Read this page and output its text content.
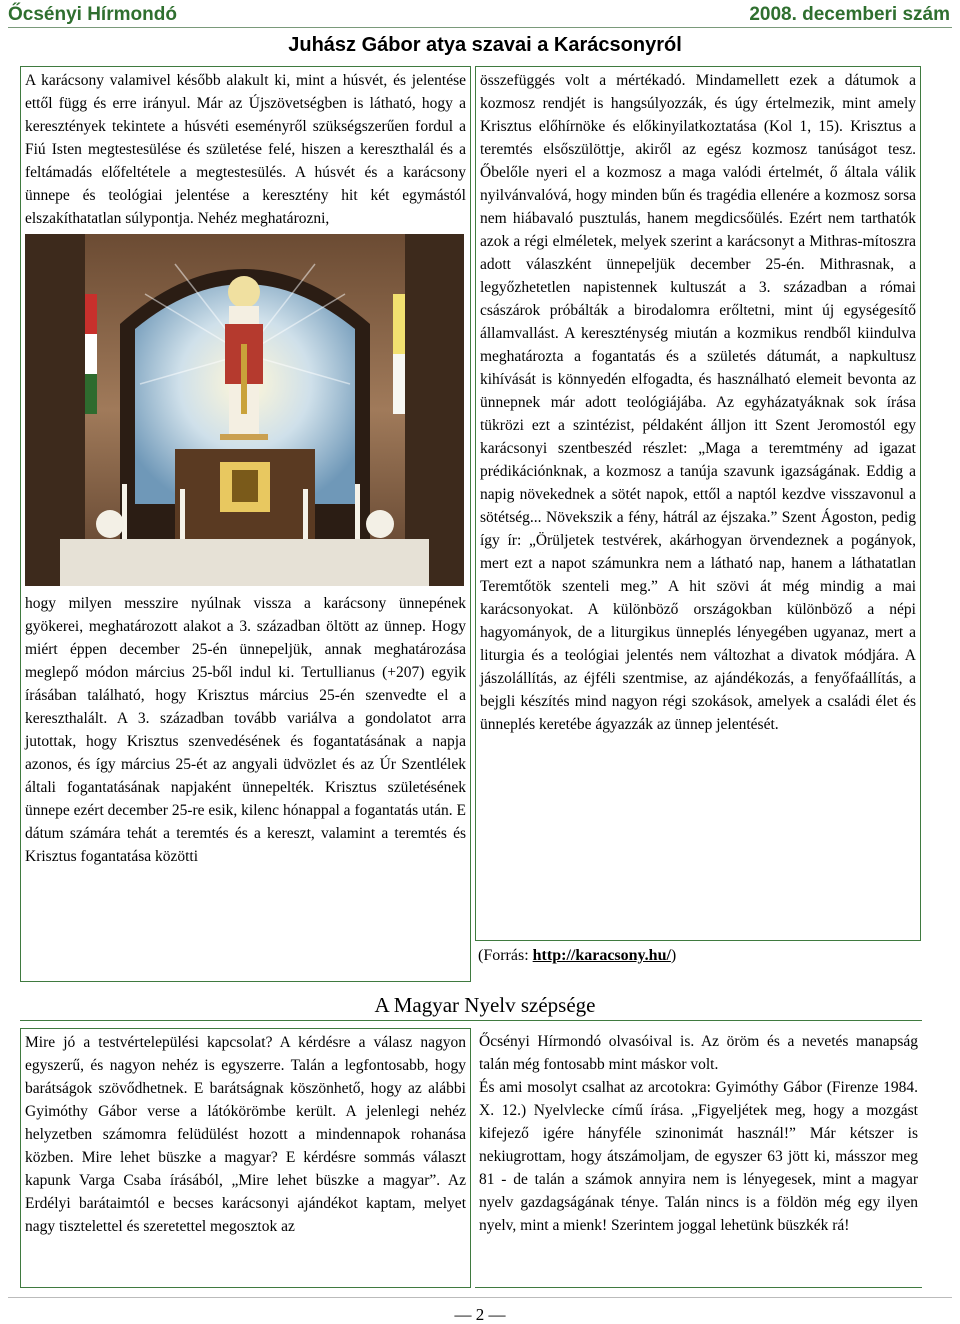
Őcsényi Hírmondó	2008. decemberi szám
Juhász Gábor atya szavai a Karácsonyról

A karácsony valamivel később alakult ki, mint a húsvét, és jelentése ettől függ és erre irányul. Már az Újszövetségben is látható, hogy a keresztények tekintete a húsvéti eseményről szükségszerűen fordul a Fiú Isten megtestesülése és születése felé, hiszen a kereszthalál és a feltámadás előfeltétele a megtestesülés. A húsvét és a karácsony ünnepe és teológiai jelentése a keresztény hit két egymástól elszakíthatatlan súlypontja. Nehéz meghatározni,

hogy milyen messzire nyúlnak vissza a karácsony ünnepének gyökerei, meghatározott alakot a 3. században öltött az ünnep. Hogy miért éppen december 25-én ünnepeljük, annak meghatározása meglepő módon március 25-ből indul ki. Tertullianus (+207) egyik írásában található, hogy Krisztus március 25-én szenvedte el a kereszthalált. A 3. században tovább variálva a gondolatot arra jutottak, hogy Krisztus szenvedésének és fogantatásának a napja azonos, és így március 25-ét az angyali üdvözlet és az Úr Szentlélek általi fogantatásának napjaként ünnepelték. Krisztus születésének ünnepe ezért december 25-re esik, kilenc hónappal a fogantatás után. E dátum számára tehát a teremtés és a kereszt, valamint a teremtés és Krisztus fogantatása közötti

összefüggés volt a mértékadó. Mindamellett ezek a dátumok a kozmosz rendjét is hangsúlyozzák, és úgy értelmezik, mint amely Krisztus előhírnöke és előkinyilatkoztatása (Kol 1, 15). Krisztus a teremtés elsőszülöttje, akiről az egész kozmosz tanúságot tesz. Őbelőle nyeri el a kozmosz a maga valódi értelmét, ő általa válik nyilvánvalóvá, hogy minden bűn és tragédia ellenére a kozmosz sorsa nem hiábavaló pusztulás, hanem megdicsőülés. Ezért nem tarthatók azok a régi elméletek, melyek szerint a karácsonyt a Mithras-mítoszra adott válaszként ünnepeljük december 25-én. Mithrasnak, a legyőzhetetlen napistennek kultuszát a 3. században a római császárok próbálták a birodalomra erőltetni, mint új egységesítő államvallást. A kereszténység miután a kozmikus rendből kiindulva meghatározta a fogantatás és a születés dátumát, a napkultusz kihívását is könnyedén elfogadta, és használható elemeit bevonta az ünnepnek már adott teológiájába. Az egyházatyáknak sok írása tükrözi ezt a szintézist, példaként álljon itt Szent Jeromostól egy karácsonyi szentbeszéd részlet: „Maga a teremtmény ad igazat prédikációnknak, a kozmosz a tanúja szavunk igazságának. Eddig a napig növekednek a sötét napok, ettől a naptól kezdve visszavonul a sötétség... Növekszik a fény, hátrál az éjszaka.” Szent Ágoston, pedig így ír: „Örüljetek testvérek, akárhogyan örvendeznek a pogányok, mert ezt a napot számunkra nem a látható nap, hanem a láthatatlan Teremtőtök szenteli meg.” A hit szövi át még mindig a mai karácsonyokat. A különböző országokban különböző a népi hagyományok, de a liturgikus ünneplés lényegében ugyanaz, mert a liturgia és a teológiai jelentés nem változhat a divatok módjára. A jászolállítás, az éjféli szentmise, az ajándékozás, a fenyőfaállítás, a bejgli készítés mind nagyon régi szokások, amelyek a családi élet és ünneplés keretébe ágyazzák az ünnep jelentését.

(Forrás: http://karacsony.hu/)
A Magyar Nyelv szépsége

Mire jó a testvértelepülési kapcsolat? A kérdésre a válasz nagyon egyszerű, és nagyon nehéz is egyszerre. Talán a legfontosabb, hogy barátságok szövődhetnek. E barátságnak köszönhető, hogy az alábbi Gyimóthy Gábor verse a látókörömbe került. A jelenlegi nehéz helyzetben számomra felüdülést hozott a mindennapok rohanása közben. Mire lehet büszke a magyar? E kérdésre sommás választ kapunk Varga Csaba írásából, „Mire lehet büszke a magyar”. Az Erdélyi barátaimtól e becses karácsonyi ajándékot kaptam, melyet nagy tisztelettel és szeretettel megosztok az

Őcsényi Hírmondó olvasóival is. Az öröm és a nevetés manapság talán még fontosabb mint máskor volt.

És ami mosolyt csalhat az arcotokra: Gyimóthy Gábor (Firenze 1984. X. 12.) Nyelvlecke című írása. „Figyeljétek meg, hogy a mozgást kifejező igére hányféle szinonimát használ!” Már kétszer is nekiugrottam, hogy átszámoljam, de egyszer 63 jött ki, másszor meg 81 - de talán a számok annyira nem is lényegesek, mint a magyar nyelv gazdagságának ténye. Talán nincs is a földön még egy ilyen nyelv, mint a mienk! Szerintem joggal lehetünk büszkék rá!

— 2 —
